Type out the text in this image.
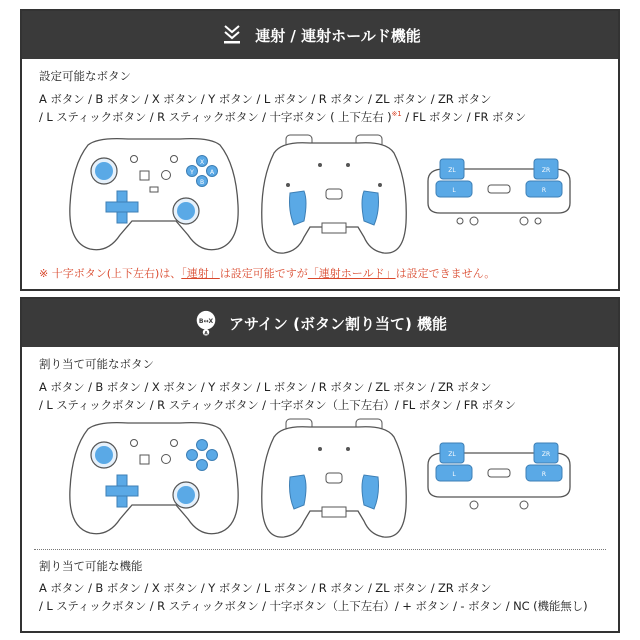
連射 / 連射ホールド機能
設定可能なボタン
A ボタン / B ボタン / X ボタン / Y ボタン / L ボタン / R ボタン / ZL ボタン / ZR ボタン
/ L スティックボタン / R スティックボタン / 十字ボタン ( 上下左右 )$^{※1}$ / FL ボタン / FR ボタン
X
Y	A
B
ZL	ZR
L	R
※ 十字ボタン(上下左右)は、「連射」は設定可能ですが「連射ホールド」は設定できません。
B↔X
A
アサイン (ボタン割り当て) 機能
割り当て可能なボタン
A ボタン / B ボタン / X ボタン / Y ボタン / L ボタン / R ボタン / ZL ボタン / ZR ボタン
/ L スティックボタン / R スティックボタン / 十字ボタン（上下左右）/ FL ボタン / FR ボタン
ZL	ZR
L	R
割り当て可能な機能
A ボタン / B ボタン / X ボタン / Y ボタン / L ボタン / R ボタン / ZL ボタン / ZR ボタン
/ L スティックボタン / R スティックボタン / 十字ボタン（上下左右）/ + ボタン / - ボタン / NC (機能無し)
